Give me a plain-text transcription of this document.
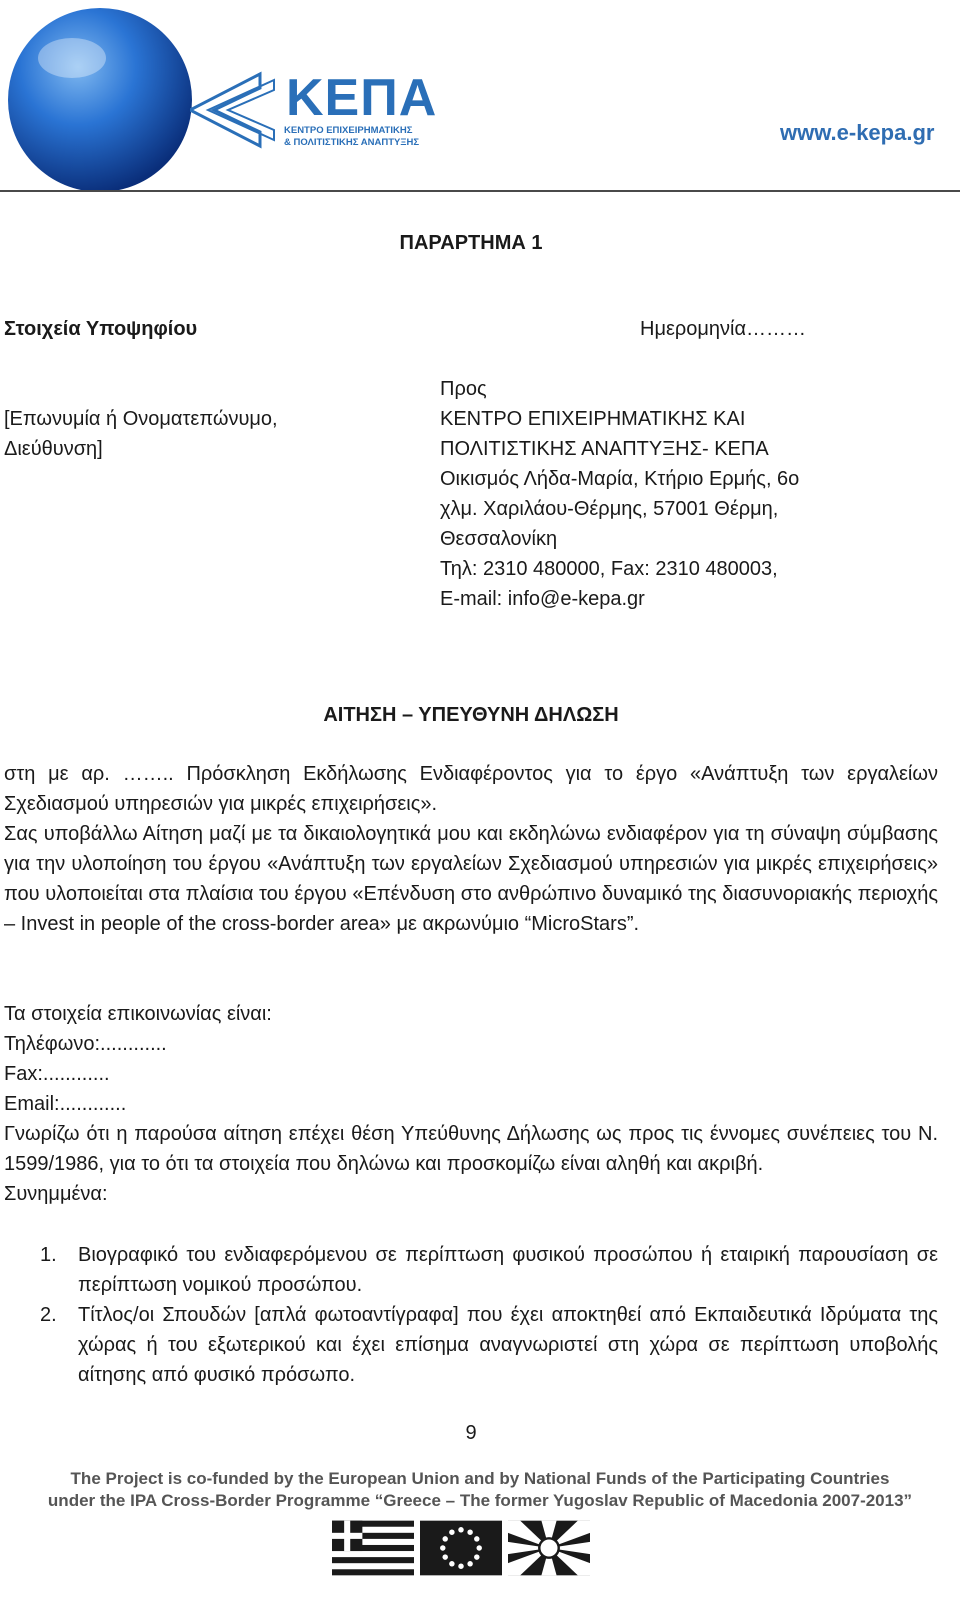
ΚΕΠΑ
ΚΕΝΤΡΟ ΕΠΙΧΕΙΡΗΜΑΤΙΚΗΣ
& ΠΟΛΙΤΙΣΤΙΚΗΣ ΑΝΑΠΤΥΞΗΣ	www.e-kepa.gr
ΠΑΡΑΡΤΗΜΑ 1
Στοιχεία Υποψηφίου	Ημερομηνία………
[Επωνυμία ή Ονοματεπώνυμο,
Διεύθυνση]
Προς
ΚΕΝΤΡΟ ΕΠΙΧΕΙΡΗΜΑΤΙΚΗΣ ΚΑΙ
ΠΟΛΙΤΙΣΤΙΚΗΣ ΑΝΑΠΤΥΞΗΣ- ΚΕΠΑ
Οικισμός Λήδα-Μαρία, Κτήριο Ερμής, 6ο
χλμ. Χαριλάου-Θέρμης, 57001 Θέρμη,
Θεσσαλονίκη
Τηλ: 2310 480000, Fax: 2310 480003,
E-mail: info@e-kepa.gr
ΑΙΤΗΣΗ – ΥΠΕΥΘΥΝΗ ΔΗΛΩΣΗ
στη με αρ. …….. Πρόσκληση Εκδήλωσης Ενδιαφέροντος για το έργο «Ανάπτυξη των εργαλείων Σχεδιασμού υπηρεσιών για μικρές επιχειρήσεις».
Σας υποβάλλω Αίτηση μαζί με τα δικαιολογητικά μου και εκδηλώνω ενδιαφέρον για τη σύναψη σύμβασης για την υλοποίηση του έργου «Ανάπτυξη των εργαλείων Σχεδιασμού υπηρεσιών για μικρές επιχειρήσεις» που υλοποιείται στα πλαίσια του έργου «Επένδυση στο ανθρώπινο δυναμικό της διασυνοριακής περιοχής – Invest in people of the cross-border area» με ακρωνύμιο “MicroStars”.
Τα στοιχεία επικοινωνίας είναι:
Τηλέφωνο:............
Fax:............
Email:............
Γνωρίζω ότι η παρούσα αίτηση επέχει θέση Υπεύθυνης Δήλωσης ως προς τις έννομες συνέπειες του Ν. 1599/1986, για το ότι τα στοιχεία που δηλώνω και προσκομίζω είναι αληθή και ακριβή.
Συνημμένα:
1.	Βιογραφικό του ενδιαφερόμενου σε περίπτωση φυσικού προσώπου ή εταιρική παρουσίαση σε περίπτωση νομικού προσώπου.
2.	Τίτλος/οι Σπουδών [απλά φωτοαντίγραφα] που έχει αποκτηθεί από Εκπαιδευτικά Ιδρύματα της χώρας ή του εξωτερικού και έχει επίσημα αναγνωριστεί στη χώρα σε περίπτωση υποβολής αίτησης από φυσικό πρόσωπο.
9
The Project is co-funded by the European Union and by National Funds of the Participating Countries
under the IPA Cross-Border Programme “Greece – The former Yugoslav Republic of Macedonia 2007-2013”
